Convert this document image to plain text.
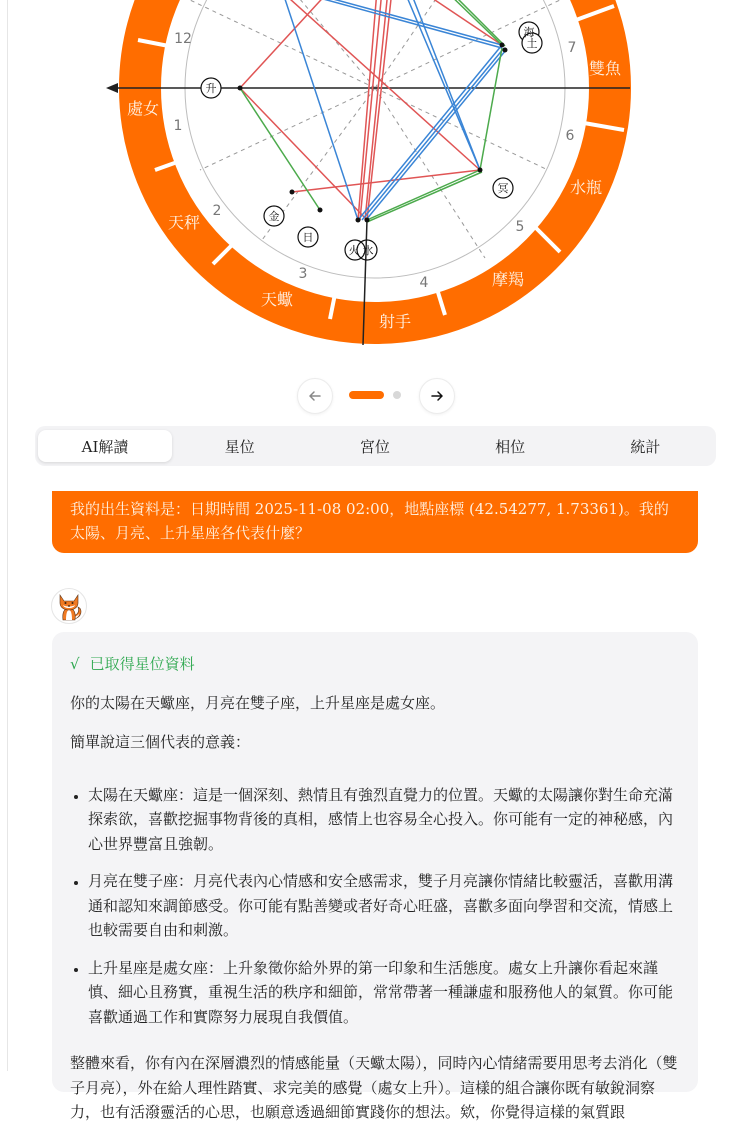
處女
天秤
天蠍
射手
摩羯
水瓶
雙魚
12
1
2
3
4
5
6
7
升
海
土
冥
金
日
火 水
AI解讀	星位	宮位	相位	統計
我的出生資料是：日期時間 2025-11-08 02:00，地點座標 (42.54277, 1.73361)。我的太陽、月亮、上升星座各代表什麼？
√ 已取得星位資料

你的太陽在天蠍座，月亮在雙子座，上升星座是處女座。

簡單說這三個代表的意義：

• 太陽在天蠍座：這是一個深刻、熱情且有強烈直覺力的位置。天蠍的太陽讓你對生命充滿探索欲，喜歡挖掘事物背後的真相，感情上也容易全心投入。你可能有一定的神秘感，內心世界豐富且強韌。
• 月亮在雙子座：月亮代表內心情感和安全感需求，雙子月亮讓你情緒比較靈活，喜歡用溝通和認知來調節感受。你可能有點善變或者好奇心旺盛，喜歡多面向學習和交流，情感上也較需要自由和刺激。
• 上升星座是處女座：上升象徵你給外界的第一印象和生活態度。處女上升讓你看起來謹慎、細心且務實，重視生活的秩序和細節，常常帶著一種謙虛和服務他人的氣質。你可能喜歡通過工作和實際努力展現自我價值。

整體來看，你有內在深層濃烈的情感能量（天蠍太陽），同時內心情緒需要用思考去消化（雙子月亮），外在給人理性踏實、求完美的感覺（處女上升）。這樣的組合讓你既有敏銳洞察力，也有活潑靈活的心思，也願意透過細節實踐你的想法。欸，你覺得這樣的氣質跟
